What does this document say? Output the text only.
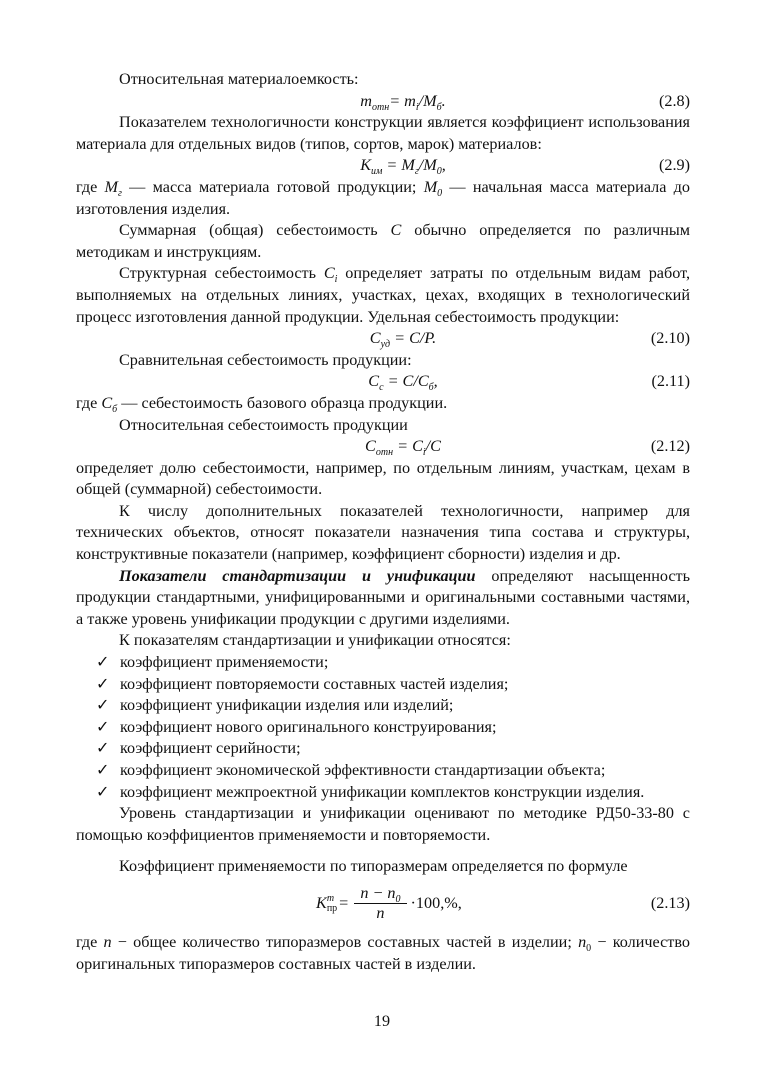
Относительная материалоемкость:

$m_{отн}= m_i/M_б$.	(2.8)

Показателем технологичности конструкции является коэффициент использования материала для отдельных видов (типов, сортов, марок) материалов:

$К_{им} = M_г/M_0$,	(2.9)

где $M_г$ — масса материала готовой продукции; $M_0$ — начальная масса материала до изготовления изделия.

Суммарная (общая) себестоимость C обычно определяется по различным методикам и инструкциям.

Структурная себестоимость $C_i$ определяет затраты по отдельным видам работ, выполняемых на отдельных линиях, участках, цехах, входящих в технологический процесс изготовления данной продукции. Удельная себестоимость продукции:

$C_{уд} = C/P$.	(2.10)

Сравнительная себестоимость продукции:

$C_c = C/C_б$,	(2.11)

где $C_б$ — себестоимость базового образца продукции.

Относительная себестоимость продукции

$C_{отн} = C_i/C$	(2.12)

определяет долю себестоимости, например, по отдельным линиям, участкам, цехам в общей (суммарной) себестоимости.

К числу дополнительных показателей технологичности, например для технических объектов, относят показатели назначения типа состава и структуры, конструктивные показатели (например, коэффициент сборности) изделия и др.

Показатели стандартизации и унификации определяют насыщенность продукции стандартными, унифицированными и оригинальными составными частями, а также уровень унификации продукции с другими изделиями.

К показателям стандартизации и унификации относятся:

✓ коэффициент применяемости;
✓ коэффициент повторяемости составных частей изделия;
✓ коэффициент унификации изделия или изделий;
✓ коэффициент нового оригинального конструирования;
✓ коэффициент серийности;
✓ коэффициент экономической эффективности стандартизации объекта;
✓ коэффициент межпроектной унификации комплектов конструкции изделия.

Уровень стандартизации и унификации оценивают по методике РД50-33-80 с помощью коэффициентов применяемости и повторяемости.

Коэффициент применяемости по типоразмерам определяется по формуле

K т
пр = $\frac{n - n_0}{n} \cdot 100,\%$,	(2.13)

где n − общее количество типоразмеров составных частей в изделии; $n_0$ − количество оригинальных типоразмеров составных частей в изделии.

19
